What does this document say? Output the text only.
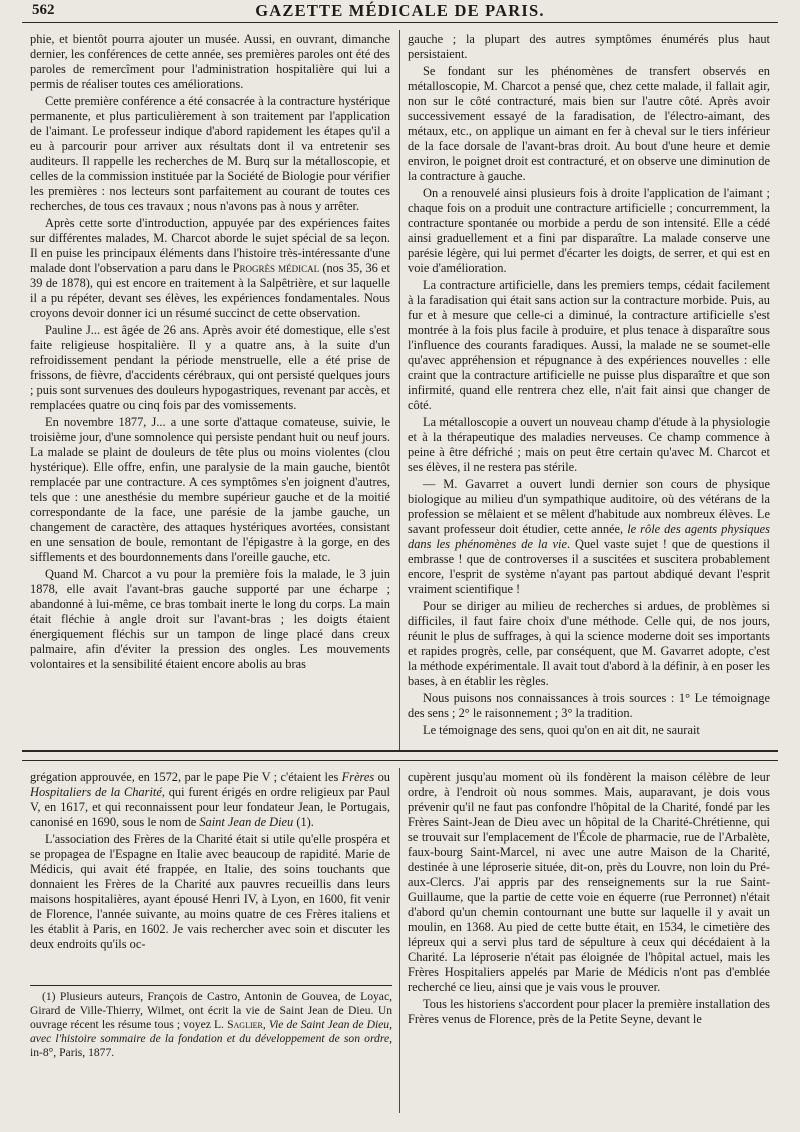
562	GAZETTE MÉDICALE DE PARIS.

phie, et bientôt pourra ajouter un musée. Aussi, en ouvrant, dimanche dernier, les conférences de cette année, ses premières paroles ont été des paroles de remercîment pour l'administration hospitalière qui lui a permis de réaliser toutes ces améliorations.

Cette première conférence a été consacrée à la contracture hystérique permanente, et plus particulièrement à son traitement par l'application de l'aimant. Le professeur indique d'abord rapidement les étapes qu'il a eu à parcourir pour arriver aux résultats dont il va entretenir ses auditeurs. Il rappelle les recherches de M. Burq sur la métalloscopie, et celles de la commission instituée par la Société de Biologie pour vérifier les premières : nos lecteurs sont parfaitement au courant de toutes ces recherches, de tous ces travaux ; nous n'avons pas à nous y arrêter.

Après cette sorte d'introduction, appuyée par des expériences faites sur différentes malades, M. Charcot aborde le sujet spécial de sa leçon. Il en puise les principaux éléments dans l'histoire très-intéressante d'une malade dont l'observation a paru dans le Progrès médical (nos 35, 36 et 39 de 1878), qui est encore en traitement à la Salpêtrière, et sur laquelle il a pu répéter, devant ses élèves, les expériences fondamentales. Nous croyons devoir donner ici un résumé succinct de cette observation.

Pauline J... est âgée de 26 ans. Après avoir été domestique, elle s'est faite religieuse hospitalière. Il y a quatre ans, à la suite d'un refroidissement pendant la période menstruelle, elle a été prise de frissons, de fièvre, d'accidents cérébraux, qui ont persisté quelques jours ; puis sont survenues des douleurs hypogastriques, revenant par accès, et remplacées quatre ou cinq fois par des vomissements.

En novembre 1877, J... a une sorte d'attaque comateuse, suivie, le troisième jour, d'une somnolence qui persiste pendant huit ou neuf jours. La malade se plaint de douleurs de tête plus ou moins violentes (clou hystérique). Elle offre, enfin, une paralysie de la main gauche, bientôt remplacée par une contracture. A ces symptômes s'en joignent d'autres, tels que : une anesthésie du membre supérieur gauche et de la moitié correspondante de la face, une parésie de la jambe gauche, un changement de caractère, des attaques hystériques avortées, consistant en une sensation de boule, remontant de l'épigastre à la gorge, en des sifflements et des bourdonnements dans l'oreille gauche, etc.

Quand M. Charcot a vu pour la première fois la malade, le 3 juin 1878, elle avait l'avant-bras gauche supporté par une écharpe ; abandonné à lui-même, ce bras tombait inerte le long du corps. La main était fléchie à angle droit sur l'avant-bras ; les doigts étaient énergiquement fléchis sur un tampon de linge placé dans creux palmaire, afin d'éviter la pression des ongles. Les mouvements volontaires et la sensibilité étaient encore abolis au bras

gauche ; la plupart des autres symptômes énumérés plus haut persistaient.

Se fondant sur les phénomènes de transfert observés en métalloscopie, M. Charcot a pensé que, chez cette malade, il fallait agir, non sur le côté contracturé, mais bien sur l'autre côté. Après avoir successivement essayé de la faradisation, de l'électro-aimant, des métaux, etc., on applique un aimant en fer à cheval sur le tiers inférieur de la face dorsale de l'avant-bras droit. Au bout d'une heure et demie environ, le poignet droit est contracturé, et on observe une diminution de la contracture à gauche.

On a renouvelé ainsi plusieurs fois à droite l'application de l'aimant ; chaque fois on a produit une contracture artificielle ; concurremment, la contracture spontanée ou morbide a perdu de son intensité. Elle a cédé ainsi graduellement et a fini par disparaître. La malade conserve une parésie légère, qui lui permet d'écarter les doigts, de serrer, et qui est en voie d'amélioration.

La contracture artificielle, dans les premiers temps, cédait facilement à la faradisation qui était sans action sur la contracture morbide. Puis, au fur et à mesure que celle-ci a diminué, la contracture artificielle s'est montrée à la fois plus facile à produire, et plus tenace à disparaître sous l'influence des courants faradiques. Aussi, la malade ne se soumet-elle qu'avec appréhension et répugnance à des expériences nouvelles : elle craint que la contracture artificielle ne puisse plus disparaître et que son infirmité, quand elle rentrera chez elle, n'ait fait ainsi que changer de côté.

La métalloscopie a ouvert un nouveau champ d'étude à la physiologie et à la thérapeutique des maladies nerveuses. Ce champ commence à peine à être défriché ; mais on peut être certain qu'avec M. Charcot et ses élèves, il ne restera pas stérile.

— M. Gavarret a ouvert lundi dernier son cours de physique biologique au milieu d'un sympathique auditoire, où des vétérans de la profession se mêlaient et se mêlent d'habitude aux nombreux élèves. Le savant professeur doit étudier, cette année, le rôle des agents physiques dans les phénomènes de la vie. Quel vaste sujet ! que de questions il embrasse ! que de controverses il a suscitées et suscitera probablement encore, l'esprit de système n'ayant pas partout abdiqué devant l'esprit vraiment scientifique !

Pour se diriger au milieu de recherches si ardues, de problèmes si difficiles, il faut faire choix d'une méthode. Celle qui, de nos jours, réunit le plus de suffrages, à qui la science moderne doit ses importants et rapides progrès, celle, par conséquent, que M. Gavarret adopte, c'est la méthode expérimentale. Il avait tout d'abord à la définir, à en poser les bases, à en établir les règles.

Nous puisons nos connaissances à trois sources : 1° Le témoignage des sens ; 2° le raisonnement ; 3° la tradition.

Le témoignage des sens, quoi qu'on en ait dit, ne saurait

grégation approuvée, en 1572, par le pape Pie V ; c'étaient les Frères ou Hospitaliers de la Charité, qui furent érigés en ordre religieux par Paul V, en 1617, et qui reconnaissent pour leur fondateur Jean, le Portugais, canonisé en 1690, sous le nom de Saint Jean de Dieu (1).

L'association des Frères de la Charité était si utile qu'elle prospéra et se propagea de l'Espagne en Italie avec beaucoup de rapidité. Marie de Médicis, qui avait été frappée, en Italie, des soins touchants que donnaient les Frères de la Charité aux pauvres recueillis dans leurs maisons hospitalières, ayant épousé Henri IV, à Lyon, en 1600, fit venir de Florence, l'année suivante, au moins quatre de ces Frères italiens et les établit à Paris, en 1602. Je vais rechercher avec soin et discuter les deux endroits qu'ils oc-

(1) Plusieurs auteurs, François de Castro, Antonin de Gouvea, de Loyac, Girard de Ville-Thierry, Wilmet, ont écrit la vie de Saint Jean de Dieu. Un ouvrage récent les résume tous ; voyez L. Saglier, Vie de Saint Jean de Dieu, avec l'histoire sommaire de la fondation et du développement de son ordre, in-8°, Paris, 1877.

cupèrent jusqu'au moment où ils fondèrent la maison célèbre de leur ordre, à l'endroit où nous sommes. Mais, auparavant, je dois vous prévenir qu'il ne faut pas confondre l'hôpital de la Charité, fondé par les Frères Saint-Jean de Dieu avec un hôpital de la Charité-Chrétienne, qui se trouvait sur l'emplacement de l'École de pharmacie, rue de l'Arbalète, faux-bourg Saint-Marcel, ni avec une autre Maison de la Charité, destinée à une léproserie située, dit-on, près du Louvre, non loin du Pré-aux-Clercs. J'ai appris par des renseignements sur la rue Saint-Guillaume, que la partie de cette voie en équerre (rue Perronnet) n'était d'abord qu'un chemin contournant une butte sur laquelle il y avait un moulin, en 1368. Au pied de cette butte était, en 1534, le cimetière des lépreux qui a servi plus tard de sépulture à ceux qui décédaient à la Charité. La léproserie n'était pas éloignée de l'hôpital actuel, mais les Frères Hospitaliers appelés par Marie de Médicis n'ont pas d'emblée recherché ce lieu, ainsi que je vais vous le prouver.

Tous les historiens s'accordent pour placer la première installation des Frères venus de Florence, près de la Petite Seyne, devant le
